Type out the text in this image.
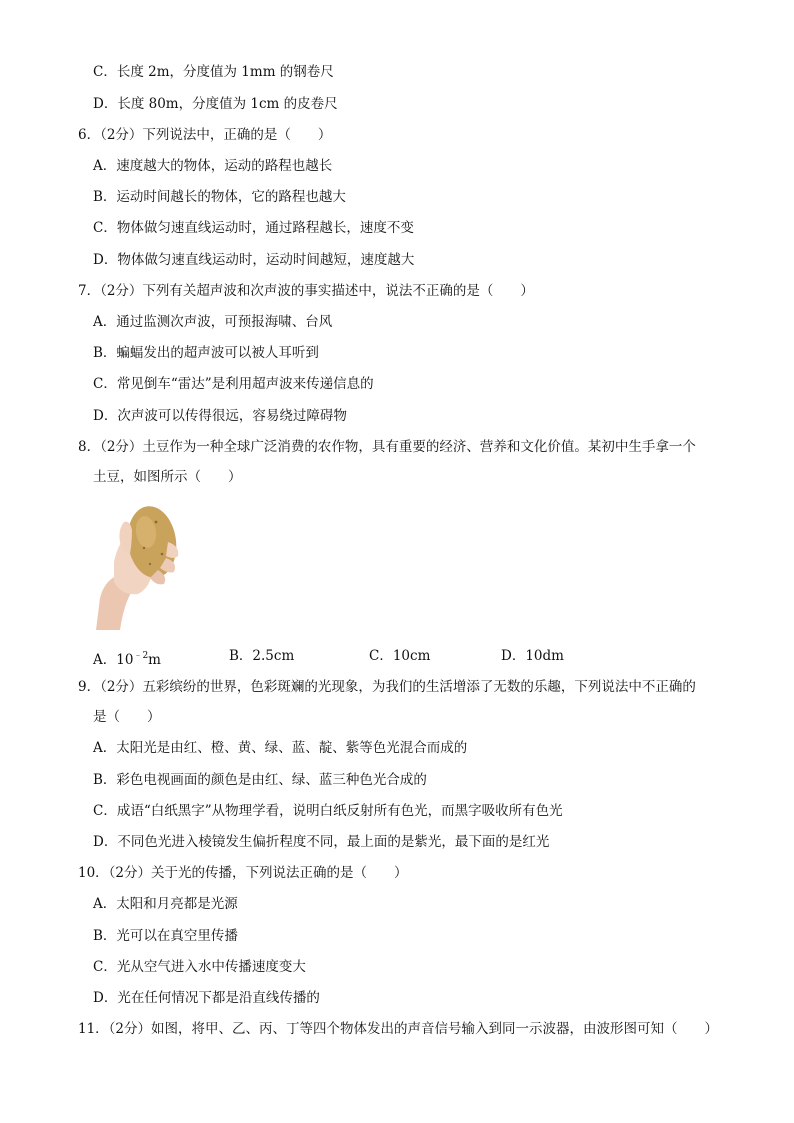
C．长度 2m，分度值为 1mm 的钢卷尺
D．长度 80m，分度值为 1cm 的皮卷尺
6．（2分）下列说法中，正确的是（　　）
A．速度越大的物体，运动的路程也越长
B．运动时间越长的物体，它的路程也越大
C．物体做匀速直线运动时，通过路程越长，速度不变
D．物体做匀速直线运动时，运动时间越短，速度越大
7．（2分）下列有关超声波和次声波的事实描述中，说法不正确的是（　　）
A．通过监测次声波，可预报海啸、台风
B．蝙蝠发出的超声波可以被人耳听到
C．常见倒车“雷达”是利用超声波来传递信息的
D．次声波可以传得很远，容易绕过障碍物
8．（2分）土豆作为一种全球广泛消费的农作物，具有重要的经济、营养和文化价值。某初中生手拿一个
土豆，如图所示（　　）
A．$10^{﹣2}m$	B．2.5cm	C．10cm	D．10dm
9．（2分）五彩缤纷的世界，色彩斑斓的光现象，为我们的生活增添了无数的乐趣，下列说法中不正确的
是（　　）
A．太阳光是由红、橙、黄、绿、蓝、靛、紫等色光混合而成的
B．彩色电视画面的颜色是由红、绿、蓝三种色光合成的
C．成语“白纸黑字”从物理学看，说明白纸反射所有色光，而黑字吸收所有色光
D．不同色光进入棱镜发生偏折程度不同，最上面的是紫光，最下面的是红光
10．（2分）关于光的传播，下列说法正确的是（　　）
A．太阳和月亮都是光源
B．光可以在真空里传播
C．光从空气进入水中传播速度变大
D．光在任何情况下都是沿直线传播的
11．（2分）如图，将甲、乙、丙、丁等四个物体发出的声音信号输入到同一示波器，由波形图可知（　　）
